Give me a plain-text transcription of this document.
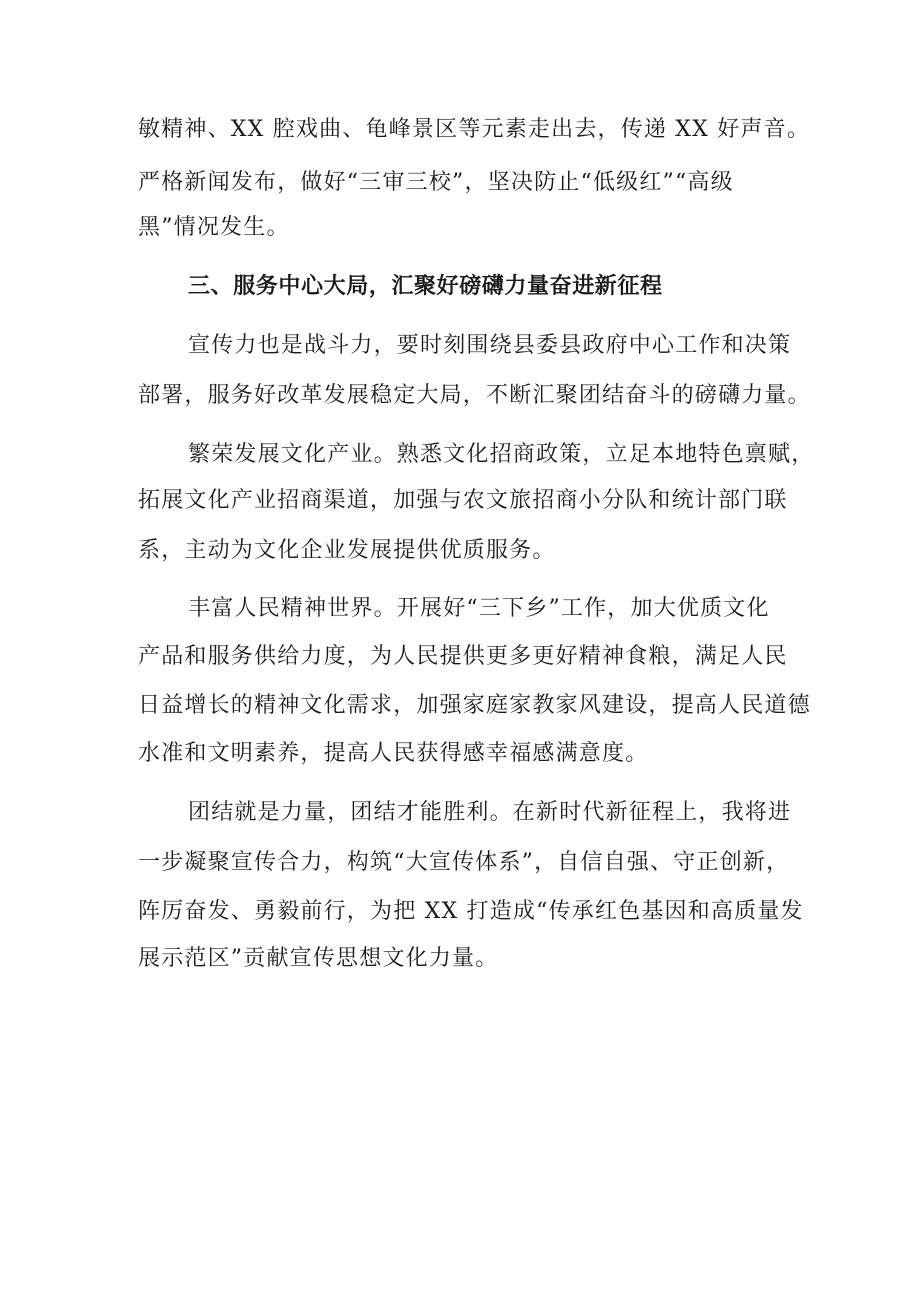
敏精神、XX 腔戏曲、龟峰景区等元素走出去，传递 XX 好声音。
严格新闻发布，做好“三审三校”，坚决防止“低级红”“高级
黑”情况发生。
三、服务中心大局，汇聚好磅礴力量奋进新征程
宣传力也是战斗力，要时刻围绕县委县政府中心工作和决策
部署，服务好改革发展稳定大局，不断汇聚团结奋斗的磅礴力量。
繁荣发展文化产业。熟悉文化招商政策，立足本地特色禀赋，
拓展文化产业招商渠道，加强与农文旅招商小分队和统计部门联
系，主动为文化企业发展提供优质服务。
丰富人民精神世界。开展好“三下乡”工作，加大优质文化
产品和服务供给力度，为人民提供更多更好精神食粮，满足人民
日益增长的精神文化需求，加强家庭家教家风建设，提高人民道德
水准和文明素养，提高人民获得感幸福感满意度。
团结就是力量，团结才能胜利。在新时代新征程上，我将进
一步凝聚宣传合力，构筑“大宣传体系”，自信自强、守正创新，
阵厉奋发、勇毅前行，为把 XX 打造成“传承红色基因和高质量发
展示范区”贡献宣传思想文化力量。
